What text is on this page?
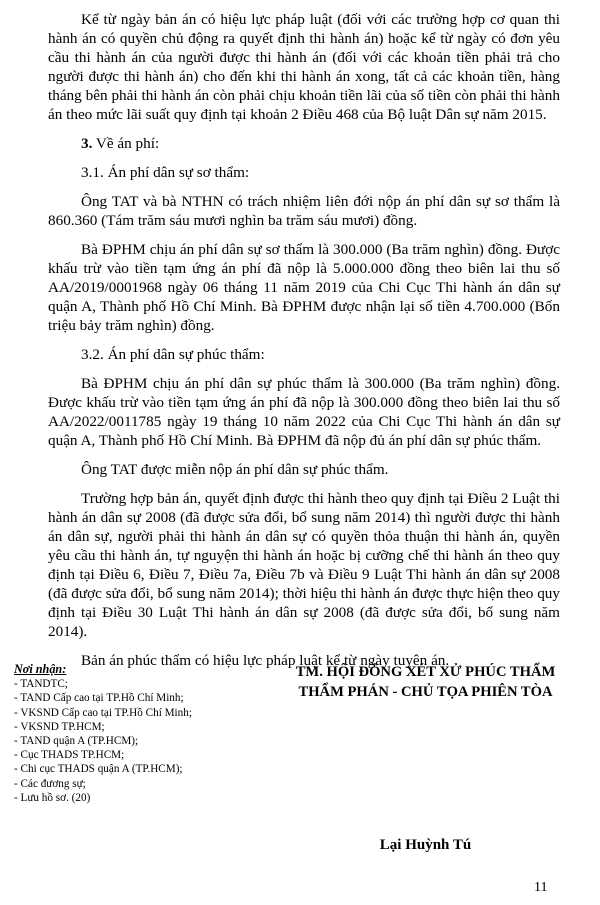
Kể từ ngày bản án có hiệu lực pháp luật (đối với các trường hợp cơ quan thi hành án có quyền chủ động ra quyết định thi hành án) hoặc kể từ ngày có đơn yêu cầu thi hành án của người được thi hành án (đối với các khoản tiền phải trả cho người được thi hành án) cho đến khi thi hành án xong, tất cả các khoản tiền, hàng tháng bên phải thi hành án còn phải chịu khoản tiền lãi của số tiền còn phải thi hành án theo mức lãi suất quy định tại khoản 2 Điều 468 của Bộ luật Dân sự năm 2015.

3. Về án phí:

3.1. Án phí dân sự sơ thẩm:

Ông TAT và bà NTHN có trách nhiệm liên đới nộp án phí dân sự sơ thẩm là 860.360 (Tám trăm sáu mươi nghìn ba trăm sáu mươi) đồng.

Bà ĐPHM chịu án phí dân sự sơ thẩm là 300.000 (Ba trăm nghìn) đồng. Được khấu trừ vào tiền tạm ứng án phí đã nộp là 5.000.000 đồng theo biên lai thu số AA/2019/0001968 ngày 06 tháng 11 năm 2019 của Chi Cục Thi hành án dân sự quận A, Thành phố Hồ Chí Minh. Bà ĐPHM được nhận lại số tiền 4.700.000 (Bốn triệu bảy trăm nghìn) đồng.

3.2. Án phí dân sự phúc thẩm:

Bà ĐPHM chịu án phí dân sự phúc thẩm là 300.000 (Ba trăm nghìn) đồng. Được khấu trừ vào tiền tạm ứng án phí đã nộp là 300.000 đồng theo biên lai thu số AA/2022/0011785 ngày 19 tháng 10 năm 2022 của Chi Cục Thi hành án dân sự quận A, Thành phố Hồ Chí Minh. Bà ĐPHM đã nộp đủ án phí dân sự phúc thẩm.

Ông TAT được miễn nộp án phí dân sự phúc thẩm.

Trường hợp bản án, quyết định được thi hành theo quy định tại Điều 2 Luật thi hành án dân sự 2008 (đã được sửa đổi, bổ sung năm 2014) thì người được thi hành án dân sự, người phải thi hành án dân sự có quyền thỏa thuận thi hành án, quyền yêu cầu thi hành án, tự nguyện thi hành án hoặc bị cưỡng chế thi hành án theo quy định tại Điều 6, Điều 7, Điều 7a, Điều 7b và Điều 9 Luật Thi hành án dân sự 2008 (đã được sửa đổi, bổ sung năm 2014); thời hiệu thi hành án được thực hiện theo quy định tại Điều 30 Luật Thi hành án dân sự 2008 (đã được sửa đổi, bổ sung năm 2014).

Bản án phúc thẩm có hiệu lực pháp luật kể từ ngày tuyên án.

Nơi nhận:
- TANDTC;
- TAND Cấp cao tại TP.Hồ Chí Minh;
- VKSND Cấp cao tại TP.Hồ Chí Minh;
- VKSND TP.HCM;
- TAND quận A (TP.HCM);
- Cục THADS TP.HCM;
- Chi cục THADS quận A (TP.HCM);
- Các đương sự;
- Lưu hồ sơ. (20)
TM. HỘI ĐỒNG XÉT XỬ PHÚC THẨM
THẨM PHÁN - CHỦ TỌA PHIÊN TÒA
Lại Huỳnh Tú
11
